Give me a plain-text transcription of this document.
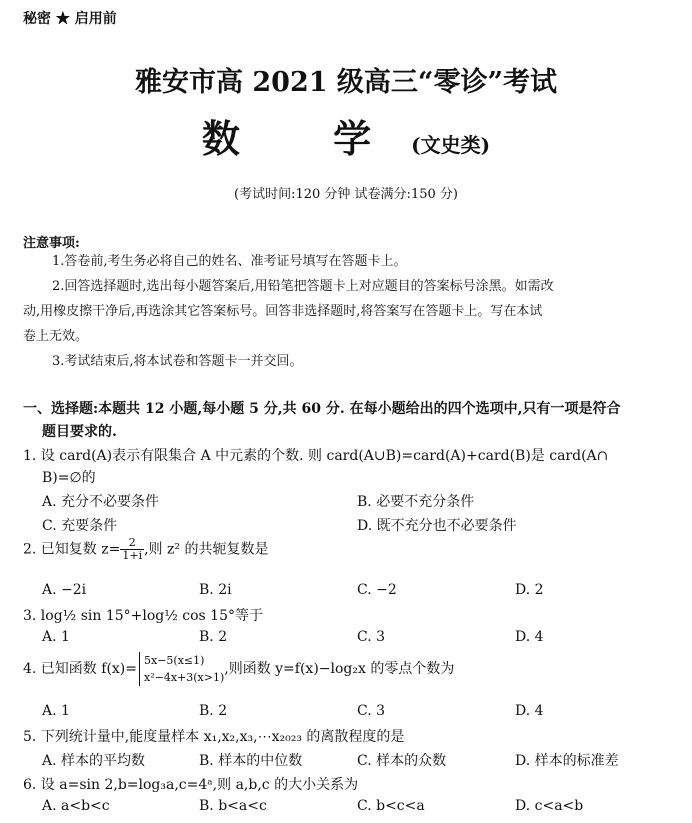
秘密 ★ 启用前
雅安市高 2021 级高三“零诊”考试
数 学(文史类)
(考试时间:120 分钟 试卷满分:150 分)
注意事项:
1.答卷前,考生务必将自己的姓名、准考证号填写在答题卡上。
2.回答选择题时,选出每小题答案后,用铅笔把答题卡上对应题目的答案标号涂黑。如需改
动,用橡皮擦干净后,再选涂其它答案标号。回答非选择题时,将答案写在答题卡上。写在本试
卷上无效。
3.考试结束后,将本试卷和答题卡一并交回。
一、选择题:本题共 12 小题,每小题 5 分,共 60 分. 在每小题给出的四个选项中,只有一项是符合
题目要求的.
1. 设 card(A)表示有限集合 A 中元素的个数. 则 card(A∪B)=card(A)+card(B)是 card(A∩
B)=∅的
A. 充分不必要条件	B. 必要不充分条件
C. 充要条件	D. 既不充分也不必要条件
2. 已知复数 $z= \frac{2}{1+i}$ ,则 z² 的共轭复数是
A. −2i	B. 2i	C. −2	D. 2
3. log½ sin 15°+log½ cos 15°等于
A. 1	B. 2	C. 3	D. 4
4. 已知函数 f(x)=
5x−5(x≤1)
x²−4x+3(x>1)
,则函数 y=f(x)−log₂x 的零点个数为
A. 1	B. 2	C. 3	D. 4
5. 下列统计量中,能度量样本 x₁,x₂,x₃,⋯x₂₀₂₃ 的离散程度的是
A. 样本的平均数	B. 样本的中位数	C. 样本的众数	D. 样本的标准差
6. 设 a=sin 2,b=log₃a,c=4ᵃ,则 a,b,c 的大小关系为
A. a<b<c	B. b<a<c	C. b<c<a	D. c<a<b
